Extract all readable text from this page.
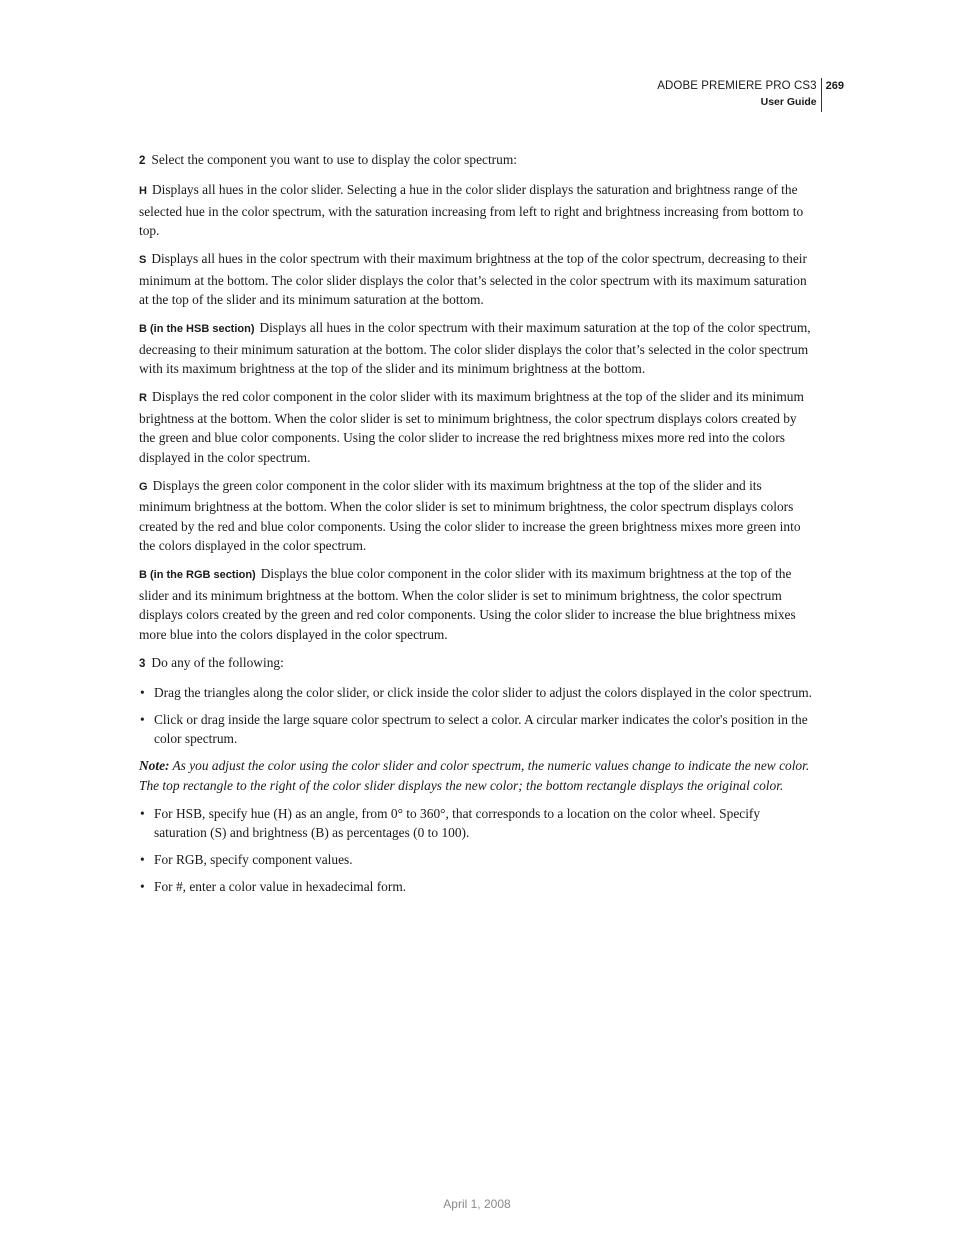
ADOBE PREMIERE PRO CS3
User Guide
269

2 Select the component you want to use to display the color spectrum:

H Displays all hues in the color slider. Selecting a hue in the color slider displays the saturation and brightness range of the selected hue in the color spectrum, with the saturation increasing from left to right and brightness increasing from bottom to top.

S Displays all hues in the color spectrum with their maximum brightness at the top of the color spectrum, decreasing to their minimum at the bottom. The color slider displays the color that’s selected in the color spectrum with its maximum saturation at the top of the slider and its minimum saturation at the bottom.

B (in the HSB section) Displays all hues in the color spectrum with their maximum saturation at the top of the color spectrum, decreasing to their minimum saturation at the bottom. The color slider displays the color that’s selected in the color spectrum with its maximum brightness at the top of the slider and its minimum brightness at the bottom.

R Displays the red color component in the color slider with its maximum brightness at the top of the slider and its minimum brightness at the bottom. When the color slider is set to minimum brightness, the color spectrum displays colors created by the green and blue color components. Using the color slider to increase the red brightness mixes more red into the colors displayed in the color spectrum.

G Displays the green color component in the color slider with its maximum brightness at the top of the slider and its minimum brightness at the bottom. When the color slider is set to minimum brightness, the color spectrum displays colors created by the red and blue color components. Using the color slider to increase the green brightness mixes more green into the colors displayed in the color spectrum.

B (in the RGB section) Displays the blue color component in the color slider with its maximum brightness at the top of the slider and its minimum brightness at the bottom. When the color slider is set to minimum brightness, the color spectrum displays colors created by the green and red color components. Using the color slider to increase the blue brightness mixes more blue into the colors displayed in the color spectrum.

3 Do any of the following:

• Drag the triangles along the color slider, or click inside the color slider to adjust the colors displayed in the color spectrum.
• Click or drag inside the large square color spectrum to select a color. A circular marker indicates the color's position in the color spectrum.

Note: As you adjust the color using the color slider and color spectrum, the numeric values change to indicate the new color. The top rectangle to the right of the color slider displays the new color; the bottom rectangle displays the original color.

• For HSB, specify hue (H) as an angle, from 0° to 360°, that corresponds to a location on the color wheel. Specify saturation (S) and brightness (B) as percentages (0 to 100).
• For RGB, specify component values.
• For #, enter a color value in hexadecimal form.
April 1, 2008
